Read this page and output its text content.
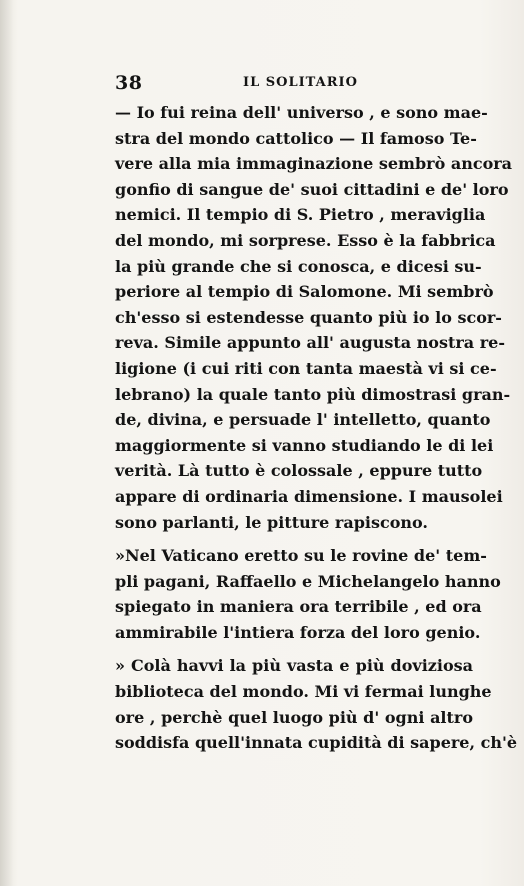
38	IL SOLITARIO
— Io fui reina dell' universo , e sono mae-
stra del mondo cattolico — Il famoso Te-
vere alla mia immaginazione sembrò ancora
gonfio di sangue de' suoi cittadini e de' loro
nemici. Il tempio di S. Pietro , meraviglia
del mondo, mi sorprese. Esso è la fabbrica
la più grande che si conosca, e dicesi su-
periore al tempio di Salomone. Mi sembrò
ch'esso si estendesse quanto più io lo scor-
reva. Simile appunto all' augusta nostra re-
ligione (i cui riti con tanta maestà vi si ce-
lebrano) la quale tanto più dimostrasi gran-
de, divina, e persuade l' intelletto, quanto
maggiormente si vanno studiando le di lei
verità. Là tutto è colossale , eppure tutto
appare di ordinaria dimensione. I mausolei
sono parlanti, le pitture rapiscono.
»Nel Vaticano eretto su le rovine de' tem-
pli pagani, Raffaello e Michelangelo hanno
spiegato in maniera ora terribile , ed ora
ammirabile l'intiera forza del loro genio.
» Colà havvi la più vasta e più doviziosa
biblioteca del mondo. Mi vi fermai lunghe
ore , perchè quel luogo più d' ogni altro
soddisfa quell'innata cupidità di sapere, ch'è
